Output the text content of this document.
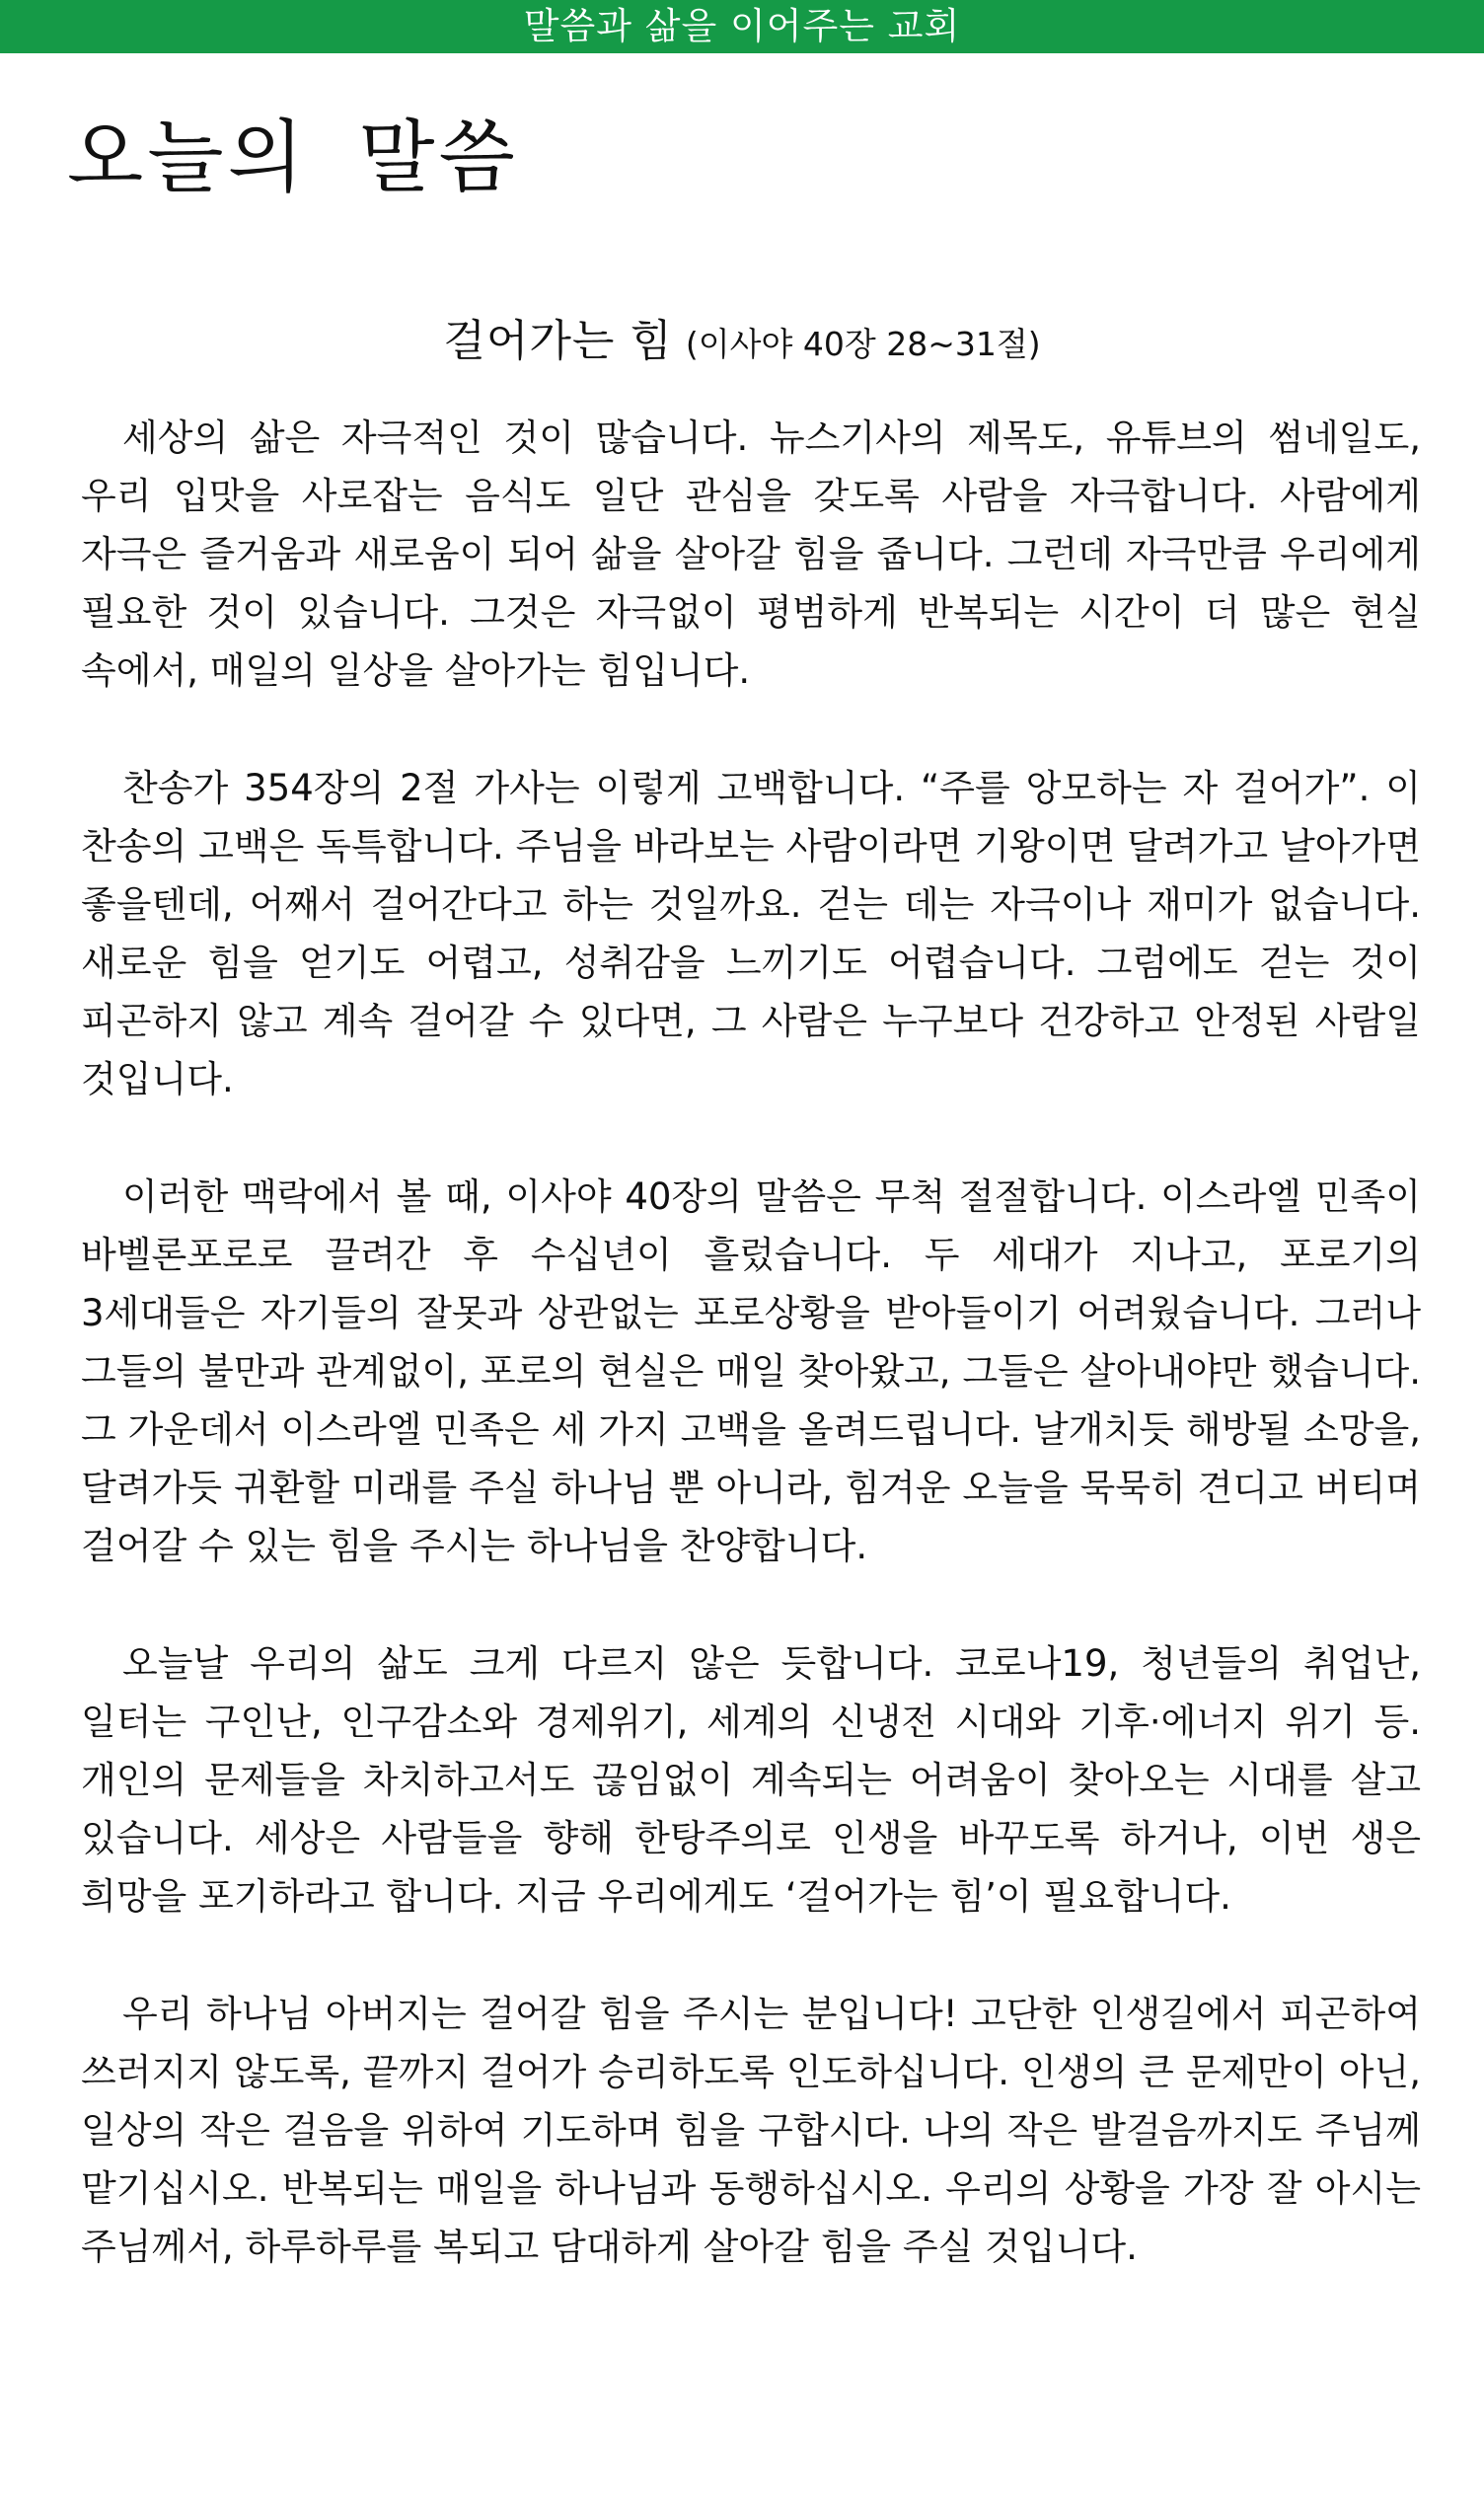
말씀과 삶을 이어주는 교회
오늘의 말씀
걸어가는 힘 (이사야 40장 28~31절)

세상의 삶은 자극적인 것이 많습니다. 뉴스기사의 제목도, 유튜브의 썸네일도, 우리 입맛을 사로잡는 음식도 일단 관심을 갖도록 사람을 자극합니다. 사람에게 자극은 즐거움과 새로움이 되어 삶을 살아갈 힘을 줍니다. 그런데 자극만큼 우리에게 필요한 것이 있습니다. 그것은 자극없이 평범하게 반복되는 시간이 더 많은 현실 속에서, 매일의 일상을 살아가는 힘입니다.

찬송가 354장의 2절 가사는 이렇게 고백합니다. “주를 앙모하는 자 걸어가”. 이 찬송의 고백은 독특합니다. 주님을 바라보는 사람이라면 기왕이면 달려가고 날아가면 좋을텐데, 어째서 걸어간다고 하는 것일까요. 걷는 데는 자극이나 재미가 없습니다. 새로운 힘을 얻기도 어렵고, 성취감을 느끼기도 어렵습니다. 그럼에도 걷는 것이 피곤하지 않고 계속 걸어갈 수 있다면, 그 사람은 누구보다 건강하고 안정된 사람일 것입니다.

이러한 맥락에서 볼 때, 이사야 40장의 말씀은 무척 절절합니다. 이스라엘 민족이 바벨론포로로 끌려간 후 수십년이 흘렀습니다. 두 세대가 지나고, 포로기의 3세대들은 자기들의 잘못과 상관없는 포로상황을 받아들이기 어려웠습니다. 그러나 그들의 불만과 관계없이, 포로의 현실은 매일 찾아왔고, 그들은 살아내야만 했습니다. 그 가운데서 이스라엘 민족은 세 가지 고백을 올려드립니다. 날개치듯 해방될 소망을, 달려가듯 귀환할 미래를 주실 하나님 뿐 아니라, 힘겨운 오늘을 묵묵히 견디고 버티며 걸어갈 수 있는 힘을 주시는 하나님을 찬양합니다.

오늘날 우리의 삶도 크게 다르지 않은 듯합니다. 코로나19, 청년들의 취업난, 일터는 구인난, 인구감소와 경제위기, 세계의 신냉전 시대와 기후·에너지 위기 등. 개인의 문제들을 차치하고서도 끊임없이 계속되는 어려움이 찾아오는 시대를 살고 있습니다. 세상은 사람들을 향해 한탕주의로 인생을 바꾸도록 하거나, 이번 생은 희망을 포기하라고 합니다. 지금 우리에게도 ‘걸어가는 힘’이 필요합니다.

우리 하나님 아버지는 걸어갈 힘을 주시는 분입니다! 고단한 인생길에서 피곤하여 쓰러지지 않도록, 끝까지 걸어가 승리하도록 인도하십니다. 인생의 큰 문제만이 아닌, 일상의 작은 걸음을 위하여 기도하며 힘을 구합시다. 나의 작은 발걸음까지도 주님께 맡기십시오. 반복되는 매일을 하나님과 동행하십시오. 우리의 상황을 가장 잘 아시는 주님께서, 하루하루를 복되고 담대하게 살아갈 힘을 주실 것입니다.
